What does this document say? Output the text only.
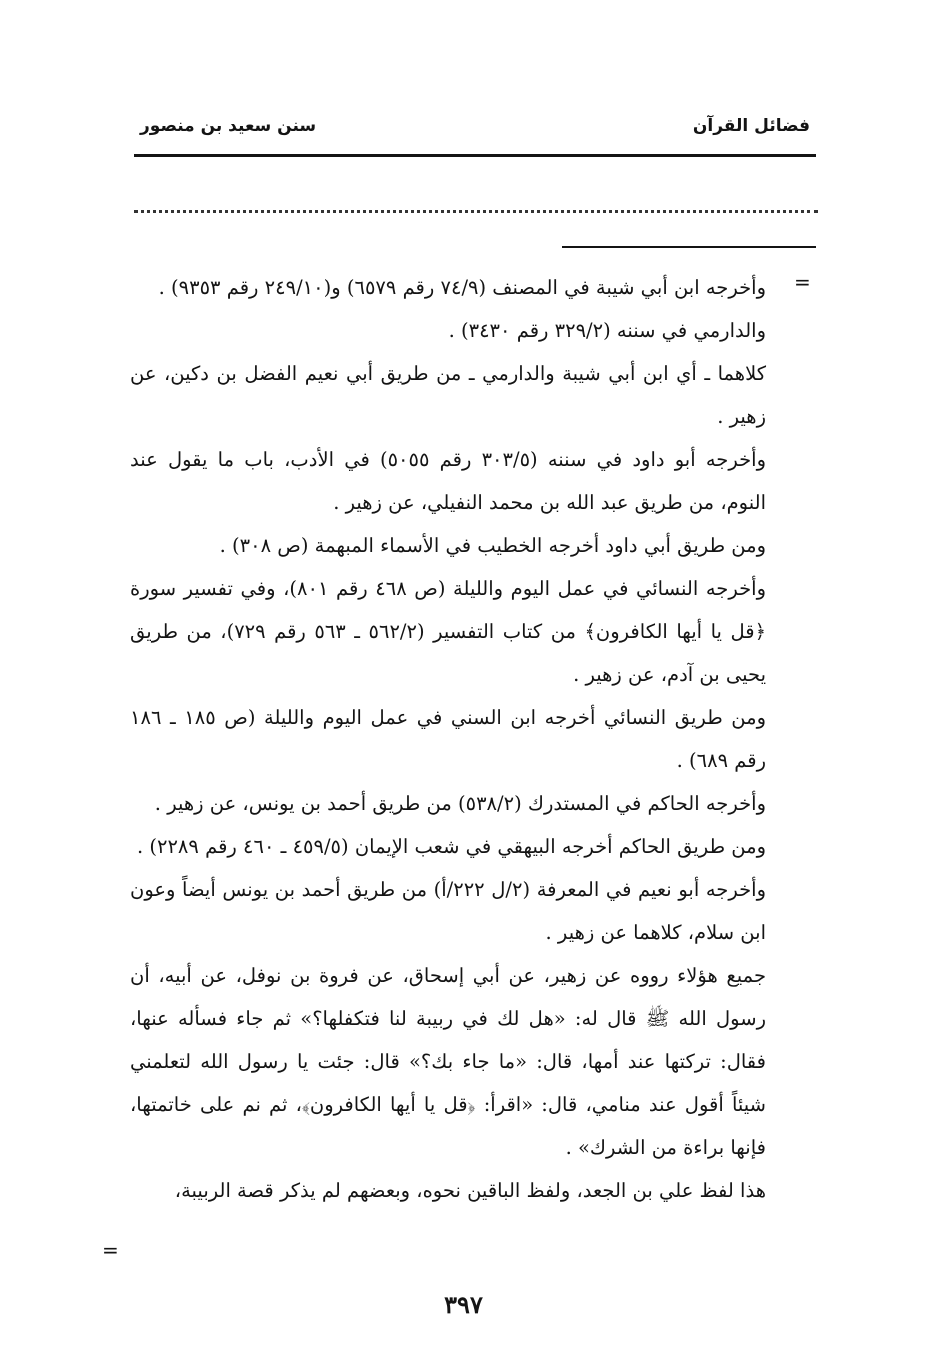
فضائل القرآن
سنن سعيد بن منصور
=

وأخرجه ابن أبي شيبة في المصنف (٧٤/٩ رقم ٦٥٧٩) و(٢٤٩/١٠ رقم ٩٣٥٣) .

والدارمي في سننه (٣٢٩/٢ رقم ٣٤٣٠) .

كلاهما ـ أي ابن أبي شيبة والدارمي ـ من طريق أبي نعيم الفضل بن دكين، عن زهير .

وأخرجه أبو داود في سننه (٣٠٣/٥ رقم ٥٠٥٥) في الأدب، باب ما يقول عند النوم، من طريق عبد الله بن محمد النفيلي، عن زهير .

ومن طريق أبي داود أخرجه الخطيب في الأسماء المبهمة (ص ٣٠٨) .

وأخرجه النسائي في عمل اليوم والليلة (ص ٤٦٨ رقم ٨٠١)، وفي تفسير سورة ﴿قل يا أيها الكافرون﴾ من كتاب التفسير (٥٦٢/٢ ـ ٥٦٣ رقم ٧٢٩)، من طريق يحيى بن آدم، عن زهير .

ومن طريق النسائي أخرجه ابن السني في عمل اليوم والليلة (ص ١٨٥ ـ ١٨٦ رقم ٦٨٩) .

وأخرجه الحاكم في المستدرك (٥٣٨/٢) من طريق أحمد بن يونس، عن زهير .

ومن طريق الحاكم أخرجه البيهقي في شعب الإيمان (٤٥٩/٥ ـ ٤٦٠ رقم ٢٢٨٩) .

وأخرجه أبو نعيم في المعرفة (٢/ل ٢٢٢/أ) من طريق أحمد بن يونس أيضاً وعون ابن سلام، كلاهما عن زهير .

جميع هؤلاء رووه عن زهير، عن أبي إسحاق، عن فروة بن نوفل، عن أبيه، أن رسول الله ﷺ قال له: «هل لك في ربيبة لنا فتكفلها؟» ثم جاء فسأله عنها، فقال: تركتها عند أمها، قال: «ما جاء بك؟» قال: جئت يا رسول الله لتعلمني شيئاً أقول عند منامي، قال: «اقرأ: ﴿قل يا أيها الكافرون﴾، ثم نم على خاتمتها، فإنها براءة من الشرك» .

هذا لفظ علي بن الجعد، ولفظ الباقين نحوه، وبعضهم لم يذكر قصة الربيبة،

=
٣٩٧
